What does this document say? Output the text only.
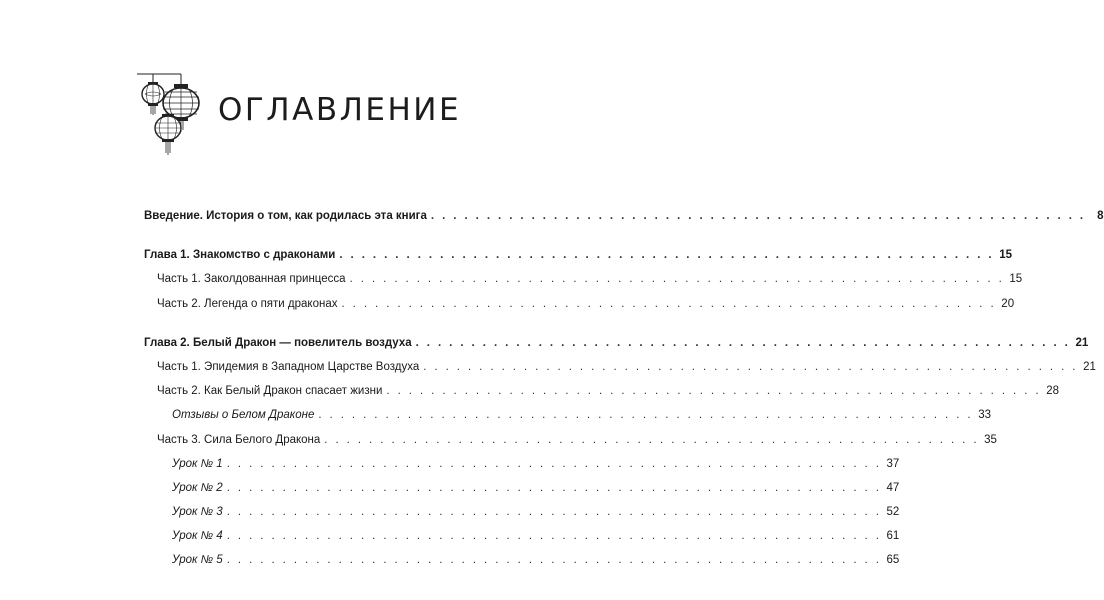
ОГЛАВЛЕНИЕ
Введение. История о том, как родилась эта книга . . . . . . . . . . . . . . . . . . . . . . . . . . . . . . . . . . . . . . . . . . . . . . . . . . . . . . . . . . .	8
Глава 1. Знакомство с драконами . . . . . . . . . . . . . . . . . . . . . . . . . . . . . . . . . . . . . . . . . . . . . . . . . . . . . . . . . . . 15
Часть 1. Заколдованная принцесса . . . . . . . . . . . . . . . . . . . . . . . . . . . . . . . . . . . . . . . . . . . . . . . . . . . . . . . . . . . 15
Часть 2. Легенда о пяти драконах . . . . . . . . . . . . . . . . . . . . . . . . . . . . . . . . . . . . . . . . . . . . . . . . . . . . . . . . . . . 20
Глава 2. Белый Дракон — повелитель воздуха . . . . . . . . . . . . . . . . . . . . . . . . . . . . . . . . . . . . . . . . . . . . . . . . . . . . . . . . . . . 21
Часть 1. Эпидемия в Западном Царстве Воздуха . . . . . . . . . . . . . . . . . . . . . . . . . . . . . . . . . . . . . . . . . . . . . . . . . . . . . . . . . . . 21
Часть 2. Как Белый Дракон спасает жизни . . . . . . . . . . . . . . . . . . . . . . . . . . . . . . . . . . . . . . . . . . . . . . . . . . . . . . . . . . . 28
Отзывы о Белом Драконе . . . . . . . . . . . . . . . . . . . . . . . . . . . . . . . . . . . . . . . . . . . . . . . . . . . . . . . . . . . 33
Часть 3. Сила Белого Дракона . . . . . . . . . . . . . . . . . . . . . . . . . . . . . . . . . . . . . . . . . . . . . . . . . . . . . . . . . . . 35
Урок № 1 . . . . . . . . . . . . . . . . . . . . . . . . . . . . . . . . . . . . . . . . . . . . . . . . . . . . . . . . . . . 37
Урок № 2 . . . . . . . . . . . . . . . . . . . . . . . . . . . . . . . . . . . . . . . . . . . . . . . . . . . . . . . . . . . 47
Урок № 3 . . . . . . . . . . . . . . . . . . . . . . . . . . . . . . . . . . . . . . . . . . . . . . . . . . . . . . . . . . . 52
Урок № 4 . . . . . . . . . . . . . . . . . . . . . . . . . . . . . . . . . . . . . . . . . . . . . . . . . . . . . . . . . . . 61
Урок № 5 . . . . . . . . . . . . . . . . . . . . . . . . . . . . . . . . . . . . . . . . . . . . . . . . . . . . . . . . . . . 65
